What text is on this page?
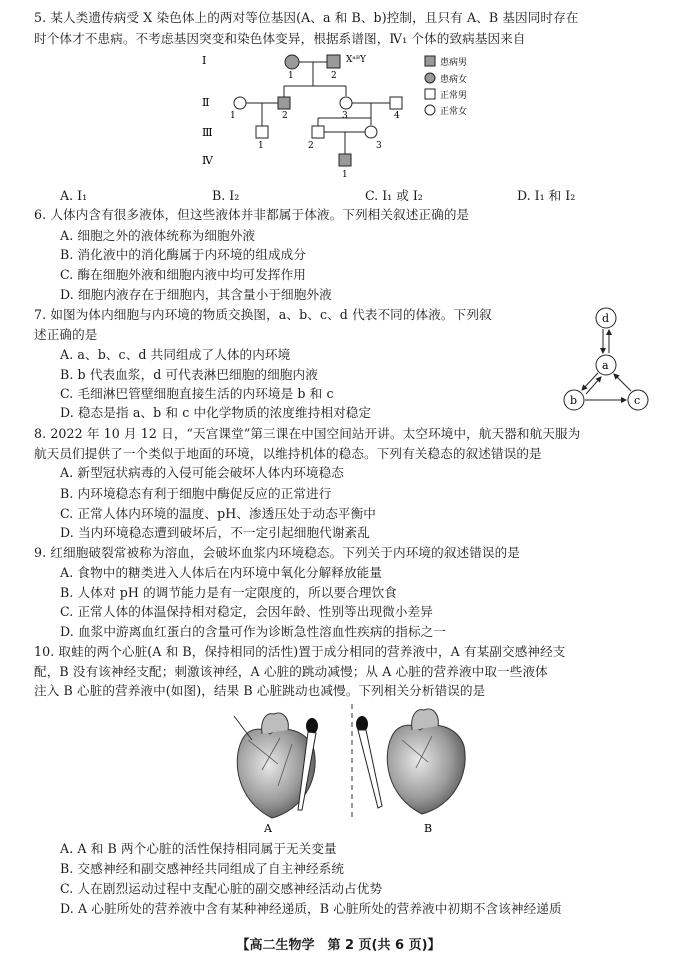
5. 某人类遗传病受 X 染色体上的两对等位基因(A、a 和 B、b)控制，且只有 A、B 基因同时存在
时个体才不患病。不考虑基因突变和染色体变异，根据系谱图，Ⅳ₁ 个体的致病基因来自
Ⅰ
Ⅱ
Ⅲ
Ⅳ
XᵃᴮY
1	2
1	2	3	4
1	2	3
1
患病男
患病女
正常男
正常女
A. Ⅰ₁	B. Ⅰ₂	C. Ⅰ₁ 或 Ⅰ₂	D. Ⅰ₁ 和 Ⅰ₂
6. 人体内含有很多液体，但这些液体并非都属于体液。下列相关叙述正确的是
A. 细胞之外的液体统称为细胞外液
B. 消化液中的消化酶属于内环境的组成成分
C. 酶在细胞外液和细胞内液中均可发挥作用
D. 细胞内液存在于细胞内，其含量小于细胞外液
7. 如图为体内细胞与内环境的物质交换图，a、b、c、d 代表不同的体液。下列叙
述正确的是
A. a、b、c、d 共同组成了人体的内环境
B. b 代表血浆，d 可代表淋巴细胞的细胞内液
C. 毛细淋巴管壁细胞直接生活的内环境是 b 和 c
D. 稳态是指 a、b 和 c 中化学物质的浓度维持相对稳定
d
a
b	c
8. 2022 年 10 月 12 日，“天宫课堂”第三课在中国空间站开讲。太空环境中，航天器和航天服为
航天员们提供了一个类似于地面的环境，以维持机体的稳态。下列有关稳态的叙述错误的是
A. 新型冠状病毒的入侵可能会破坏人体内环境稳态
B. 内环境稳态有利于细胞中酶促反应的正常进行
C. 正常人体内环境的温度、pH、渗透压处于动态平衡中
D. 当内环境稳态遭到破坏后，不一定引起细胞代谢紊乱
9. 红细胞破裂常被称为溶血，会破坏血浆内环境稳态。下列关于内环境的叙述错误的是
A. 食物中的糖类进入人体后在内环境中氧化分解释放能量
B. 人体对 pH 的调节能力是有一定限度的，所以要合理饮食
C. 正常人体的体温保持相对稳定，会因年龄、性别等出现微小差异
D. 血浆中游离血红蛋白的含量可作为诊断急性溶血性疾病的指标之一
10. 取蛙的两个心脏(A 和 B，保持相同的活性)置于成分相同的营养液中，A 有某副交感神经支
配，B 没有该神经支配；刺激该神经，A 心脏的跳动减慢；从 A 心脏的营养液中取一些液体
注入 B 心脏的营养液中(如图)，结果 B 心脏跳动也减慢。下列相关分析错误的是
A	B
A. A 和 B 两个心脏的活性保持相同属于无关变量
B. 交感神经和副交感神经共同组成了自主神经系统
C. 人在剧烈运动过程中支配心脏的副交感神经活动占优势
D. A 心脏所处的营养液中含有某种神经递质，B 心脏所处的营养液中初期不含该神经递质
【高二生物学　第 2 页(共 6 页)】
